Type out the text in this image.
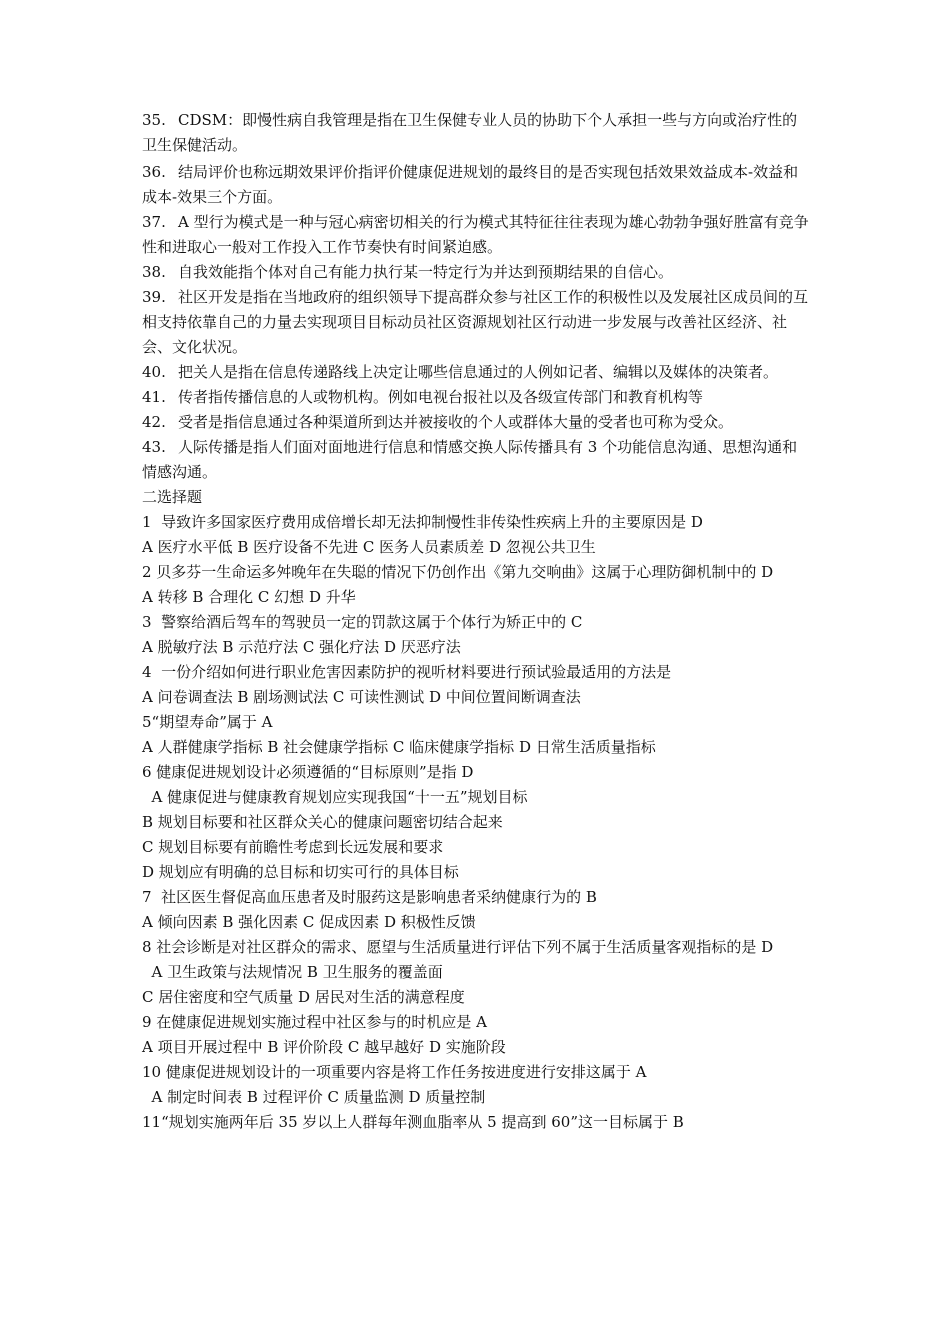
35. CDSM：即慢性病自我管理是指在卫生保健专业人员的协助下个人承担一些与方向或治疗性的卫生保健活动。

36. 结局评价也称远期效果评价指评价健康促进规划的最终目的是否实现包括效果效益成本-效益和成本-效果三个方面。

37. A 型行为模式是一种与冠心病密切相关的行为模式其特征往往表现为雄心勃勃争强好胜富有竞争性和进取心一般对工作投入工作节奏快有时间紧迫感。

38. 自我效能指个体对自己有能力执行某一特定行为并达到预期结果的自信心。

39. 社区开发是指在当地政府的组织领导下提高群众参与社区工作的积极性以及发展社区成员间的互相支持依靠自己的力量去实现项目目标动员社区资源规划社区行动进一步发展与改善社区经济、社会、文化状况。

40. 把关人是指在信息传递路线上决定让哪些信息通过的人例如记者、编辑以及媒体的决策者。

41. 传者指传播信息的人或物机构。例如电视台报社以及各级宣传部门和教育机构等

42. 受者是指信息通过各种渠道所到达并被接收的个人或群体大量的受者也可称为受众。

43. 人际传播是指人们面对面地进行信息和情感交换人际传播具有 3 个功能信息沟通、思想沟通和情感沟通。

二选择题

1  导致许多国家医疗费用成倍增长却无法抑制慢性非传染性疾病上升的主要原因是 D

A 医疗水平低 B 医疗设备不先进 C 医务人员素质差 D 忽视公共卫生

2 贝多芬一生命运多舛晚年在失聪的情况下仍创作出《第九交响曲》这属于心理防御机制中的 D

A 转移 B 合理化 C 幻想 D 升华

3  警察给酒后驾车的驾驶员一定的罚款这属于个体行为矫正中的 C

A 脱敏疗法 B 示范疗法 C 强化疗法 D 厌恶疗法

4  一份介绍如何进行职业危害因素防护的视听材料要进行预试验最适用的方法是

A 问卷调查法 B 剧场测试法 C 可读性测试 D 中间位置间断调查法

5“期望寿命”属于 A

A 人群健康学指标 B 社会健康学指标 C 临床健康学指标 D 日常生活质量指标

6 健康促进规划设计必须遵循的“目标原则”是指 D

A 健康促进与健康教育规划应实现我国“十一五”规划目标

B 规划目标要和社区群众关心的健康问题密切结合起来

C 规划目标要有前瞻性考虑到长远发展和要求

D 规划应有明确的总目标和切实可行的具体目标

7  社区医生督促高血压患者及时服药这是影响患者采纳健康行为的 B

A 倾向因素 B 强化因素 C 促成因素 D 积极性反馈

8 社会诊断是对社区群众的需求、愿望与生活质量进行评估下列不属于生活质量客观指标的是 D

A 卫生政策与法规情况 B 卫生服务的覆盖面

C 居住密度和空气质量 D 居民对生活的满意程度

9 在健康促进规划实施过程中社区参与的时机应是 A

A 项目开展过程中 B 评价阶段 C 越早越好 D 实施阶段

10 健康促进规划设计的一项重要内容是将工作任务按进度进行安排这属于 A

A 制定时间表 B 过程评价 C 质量监测 D 质量控制

11“规划实施两年后 35 岁以上人群每年测血脂率从 5 提高到 60”这一目标属于 B
